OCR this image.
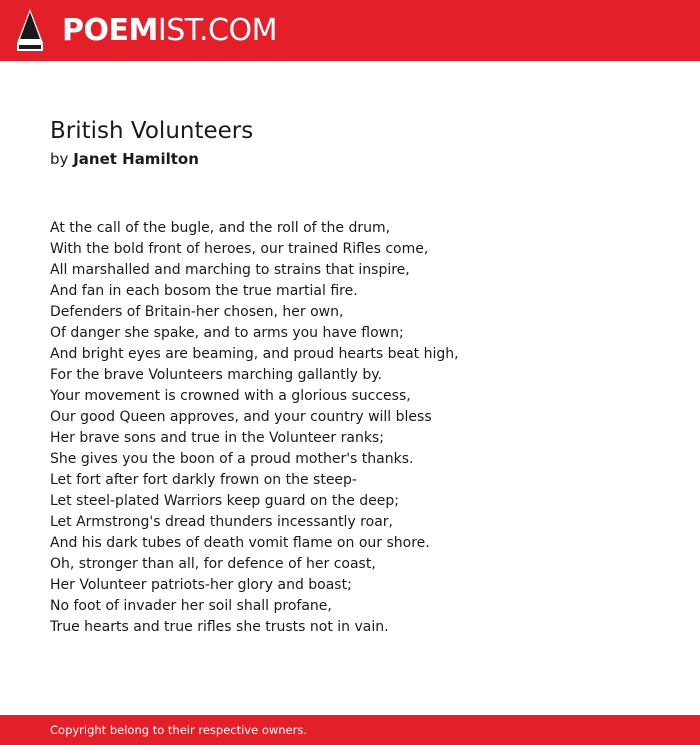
POEMIST.COM
British Volunteers
by Janet Hamilton
At the call of the bugle, and the roll of the drum,
With the bold front of heroes, our trained Rifles come,
All marshalled and marching to strains that inspire,
And fan in each bosom the true martial fire.
Defenders of Britain-her chosen, her own,
Of danger she spake, and to arms you have flown;
And bright eyes are beaming, and proud hearts beat high,
For the brave Volunteers marching gallantly by.
Your movement is crowned with a glorious success,
Our good Queen approves, and your country will bless
Her brave sons and true in the Volunteer ranks;
She gives you the boon of a proud mother's thanks.
Let fort after fort darkly frown on the steep-
Let steel-plated Warriors keep guard on the deep;
Let Armstrong's dread thunders incessantly roar,
And his dark tubes of death vomit flame on our shore.
Oh, stronger than all, for defence of her coast,
Her Volunteer patriots-her glory and boast;
No foot of invader her soil shall profane,
True hearts and true rifles she trusts not in vain.
Copyright belong to their respective owners.
